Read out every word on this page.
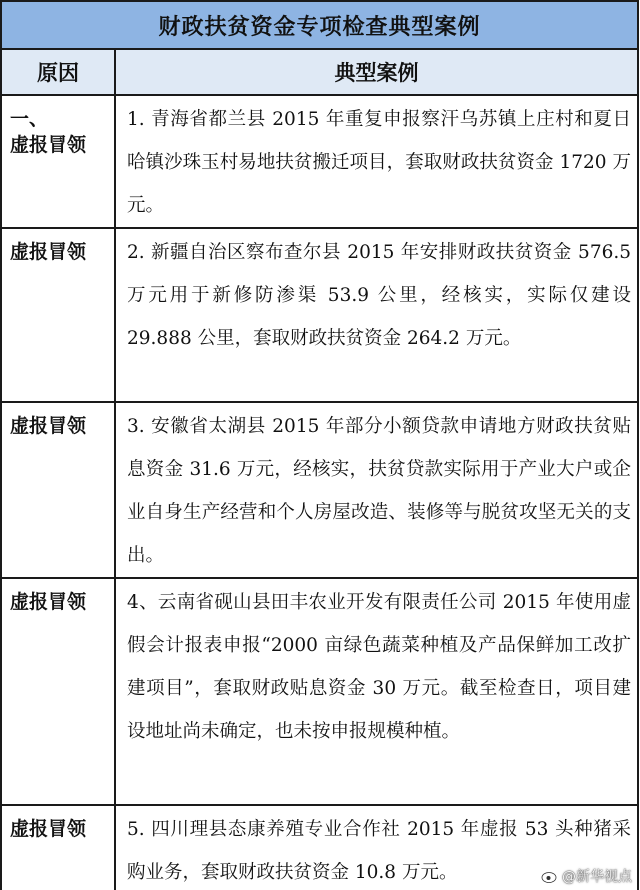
财政扶贫资金专项检查典型案例	
原因	典型案例

一、
虚报冒领	1. 青海省都兰县 2015 年重复申报察汗乌苏镇上庄村和夏日哈镇沙珠玉村易地扶贫搬迁项目，套取财政扶贫资金 1720 万元。

虚报冒领	2. 新疆自治区察布查尔县 2015 年安排财政扶贫资金 576.5 万元用于新修防渗渠 53.9 公里，经核实，实际仅建设 29.888 公里，套取财政扶贫资金 264.2 万元。

虚报冒领	3. 安徽省太湖县 2015 年部分小额贷款申请地方财政扶贫贴息资金 31.6 万元，经核实，扶贫贷款实际用于产业大户或企业自身生产经营和个人房屋改造、装修等与脱贫攻坚无关的支出。

虚报冒领	4、云南省砚山县田丰农业开发有限责任公司 2015 年使用虚假会计报表申报“2000 亩绿色蔬菜种植及产品保鲜加工改扩建项目”，套取财政贴息资金 30 万元。截至检查日，项目建设地址尚未确定，也未按申报规模种植。

虚报冒领	5. 四川理县态康养殖专业合作社 2015 年虚报 53 头种猪采购业务，套取财政扶贫资金 10.8 万元。	@新华视点
